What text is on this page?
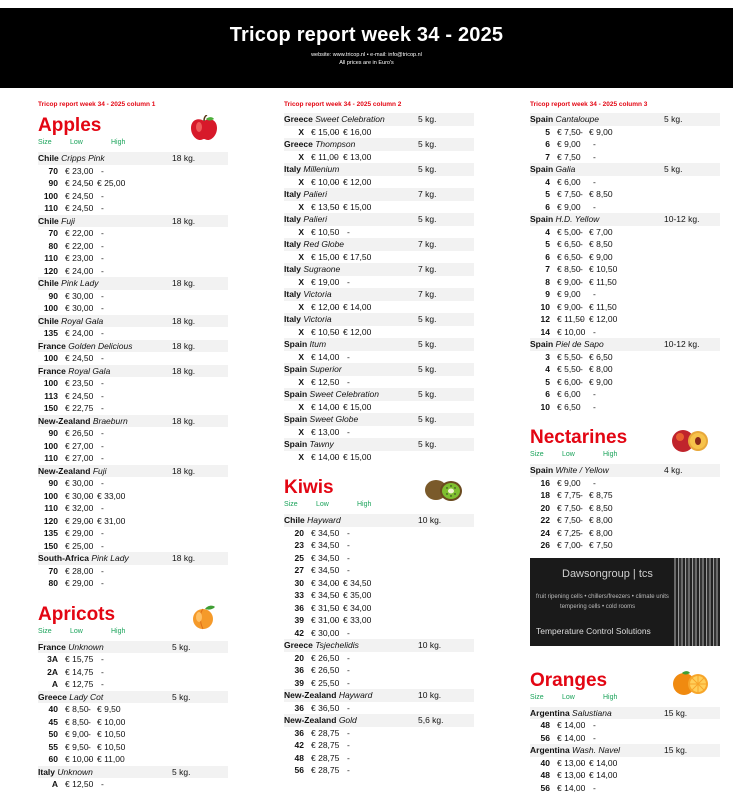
Tricop report week 34 - 2025
website: www.tricop.nl • e-mail: info@tricop.nl
All prices are in Euro's
Tricop report week 34 - 2025 column 1
Apples
Size	Low	High
Chile Cripps Pink	18 kg.
70 € 23,00 -
90 € 24,50 - € 25,00
100 € 24,50 -
110 € 24,50 -
Chile Fuji	18 kg.
70 € 22,00 -
80 € 22,00 -
110 € 23,00 -
120 € 24,00 -
Chile Pink Lady	18 kg.
90 € 30,00 -
100 € 30,00 -
Chile Royal Gala	18 kg.
135 € 24,00 -
France Golden Delicious	18 kg.
100 € 24,50 -
France Royal Gala	18 kg.
100 € 23,50 -
113 € 24,50 -
150 € 22,75 -
New-Zealand Braeburn	18 kg.
90 € 26,50 -
100 € 27,00 -
110 € 27,00 -
New-Zealand Fuji	18 kg.
90 € 30,00 -
100 € 30,00 - € 33,00
110 € 32,00 -
120 € 29,00 - € 31,00
135 € 29,00 -
150 € 25,00 -
South-Africa Pink Lady	18 kg.
70 € 28,00 -
80 € 29,00 -
Apricots
Size	Low	High
France Unknown	5 kg.
3A € 15,75 -
2A € 14,75 -
A € 12,75 -
Greece Lady Cot	5 kg.
40 € 8,50 - € 9,50
45 € 8,50 - € 10,00
50 € 9,00 - € 10,50
55 € 9,50 - € 10,50
60 € 10,00 - € 11,00
Italy Unknown	5 kg.
A € 12,50 -
Tricop report week 34 - 2025 column 2
Greece Sweet Celebration	5 kg.
X € 15,00 - € 16,00
Greece Thompson	5 kg.
X € 11,00 - € 13,00
Italy Millenium	5 kg.
X € 10,00 - € 12,00
Italy Palieri	7 kg.
X € 13,50 - € 15,00
Italy Palieri	5 kg.
X € 10,50 -
Italy Red Globe	7 kg.
X € 15,00 - € 17,50
Italy Sugraone	7 kg.
X € 19,00 -
Italy Victoria	7 kg.
X € 12,00 - € 14,00
Italy Victoria	5 kg.
X € 10,50 - € 12,00
Spain Itum	5 kg.
X € 14,00 -
Spain Superior	5 kg.
X € 12,50 -
Spain Sweet Celebration	5 kg.
X € 14,00 - € 15,00
Spain Sweet Globe	5 kg.
X € 13,00 -
Spain Tawny	5 kg.
X € 14,00 - € 15,00
Kiwis
Size	Low	High
Chile Hayward	10 kg.
20 € 34,50 -
23 € 34,50 -
25 € 34,50 -
27 € 34,50 -
30 € 34,00 - € 34,50
33 € 34,50 - € 35,00
36 € 31,50 - € 34,00
39 € 31,00 - € 33,00
42 € 30,00 -
Greece Tsjechelidis	10 kg.
20 € 26,50 -
36 € 26,50 -
39 € 25,50 -
New-Zealand Hayward	10 kg.
36 € 36,50 -
New-Zealand Gold	5,6 kg.
36 € 28,75 -
42 € 28,75 -
48 € 28,75 -
56 € 28,75 -
Tricop report week 34 - 2025 column 3
Spain Cantaloupe	5 kg.
5 € 7,50 - € 9,00
6 € 9,00 -
7 € 7,50 -
Spain Galia	5 kg.
4 € 6,00 -
5 € 7,50 - € 8,50
6 € 9,00 -
Spain H.D. Yellow	10-12 kg.
4 € 5,00 - € 7,00
5 € 6,50 - € 8,50
6 € 6,50 - € 9,00
7 € 8,50 - € 10,50
8 € 9,00 - € 11,50
9 € 9,00 -
10 € 9,00 - € 11,50
12 € 11,50 - € 12,00
14 € 10,00 -
Spain Piel de Sapo	10-12 kg.
3 € 5,50 - € 6,50
4 € 5,50 - € 8,00
5 € 6,00 - € 9,00
6 € 6,00 -
10 € 6,50 -
Nectarines
Size	Low	High
Spain White / Yellow	4 kg.
16 € 9,00 -
18 € 7,75 - € 8,75
20 € 7,50 - € 8,50
22 € 7,50 - € 8,00
24 € 7,25 - € 8,00
26 € 7,00 - € 7,50
Dawsongroup | tcs
fruit ripening cells • chillers/freezers • climate units
tempering cells • cold rooms
Temperature Control Solutions
Oranges
Size	Low	High
Argentina Salustiana	15 kg.
48 € 14,00 -
56 € 14,00 -
Argentina Wash. Navel	15 kg.
40 € 13,00 - € 14,00
48 € 13,00 - € 14,00
56 € 14,00 -
